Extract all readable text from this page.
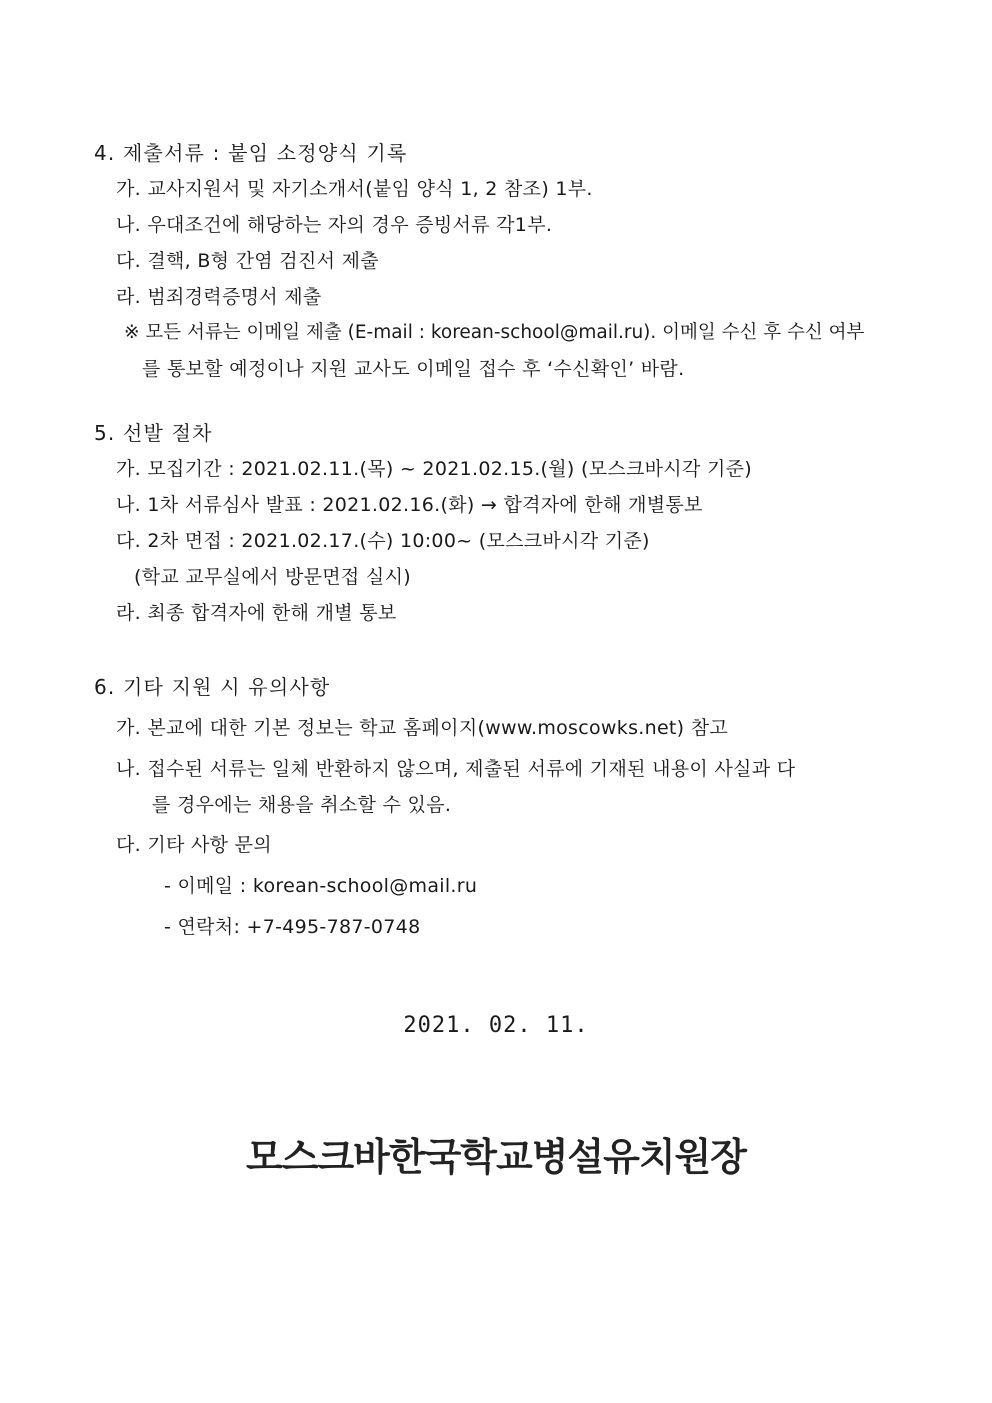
4. 제출서류 : 붙임 소정양식 기록
가. 교사지원서 및 자기소개서(붙임 양식 1, 2 참조) 1부.
나. 우대조건에 해당하는 자의 경우 증빙서류 각1부.
다. 결핵, B형 간염 검진서 제출
라. 범죄경력증명서 제출
※ 모든 서류는 이메일 제출 (E-mail : korean-school@mail.ru). 이메일 수신 후 수신 여부
를 통보할 예정이나 지원 교사도 이메일 접수 후 ‘수신확인’ 바람.
5. 선발 절차
가. 모집기간 : 2021.02.11.(목) ~ 2021.02.15.(월) (모스크바시각 기준)
나. 1차 서류심사 발표 : 2021.02.16.(화) → 합격자에 한해 개별통보
다. 2차 면접 : 2021.02.17.(수) 10:00~ (모스크바시각 기준)
(학교 교무실에서 방문면접 실시)
라. 최종 합격자에 한해 개별 통보
6. 기타 지원 시 유의사항
가. 본교에 대한 기본 정보는 학교 홈페이지(www.moscowks.net) 참고
나. 접수된 서류는 일체 반환하지 않으며, 제출된 서류에 기재된 내용이 사실과 다
를 경우에는 채용을 취소할 수 있음.
다. 기타 사항 문의
- 이메일 : korean-school@mail.ru
- 연락처: +7-495-787-0748
2021. 02. 11.
모스크바한국학교병설유치원장
